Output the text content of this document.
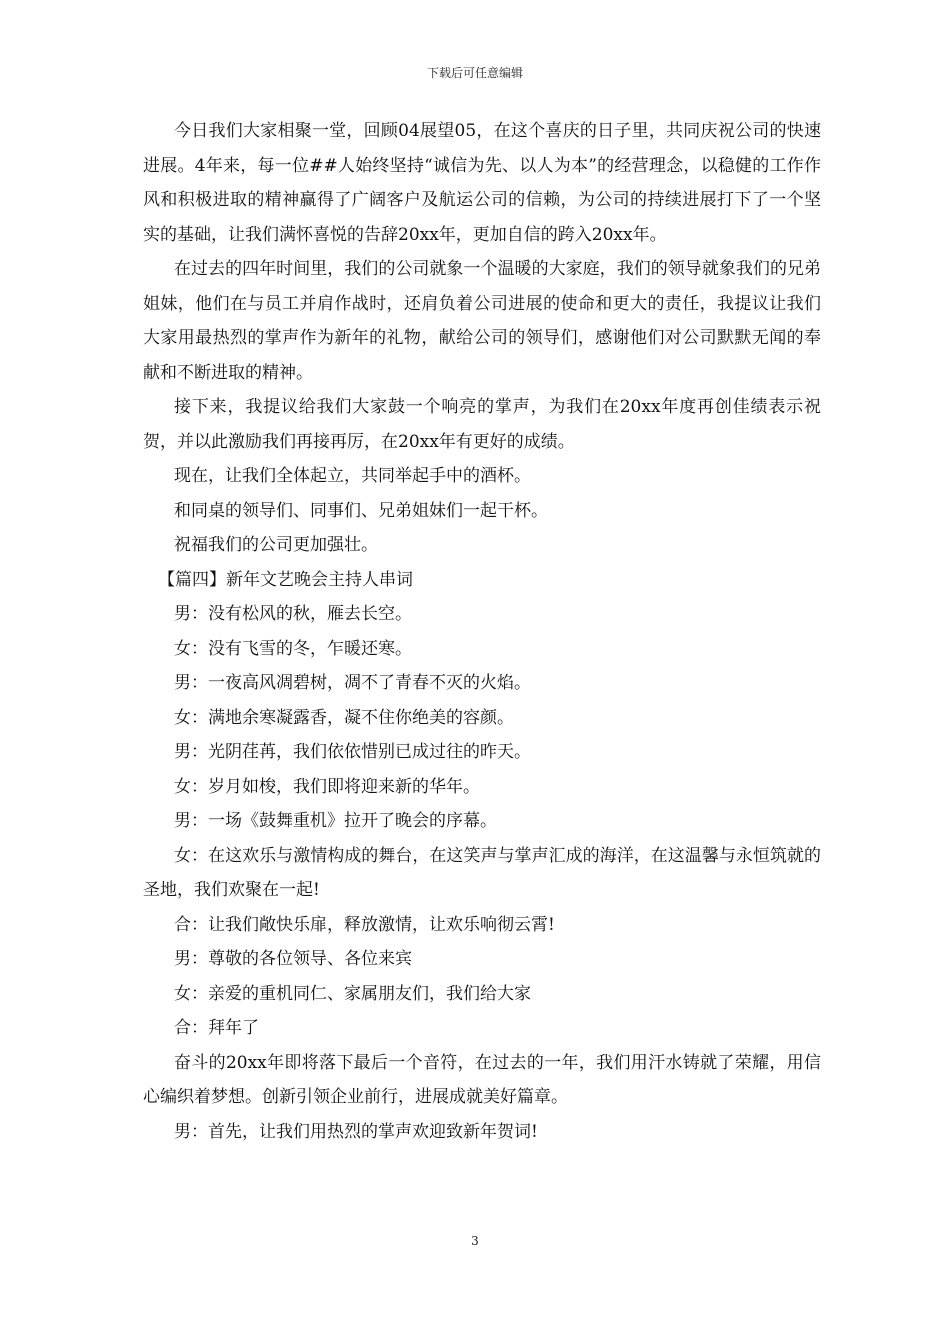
下载后可任意编辑

今日我们大家相聚一堂，回顾04展望05，在这个喜庆的日子里，共同庆祝公司的快速进展。4年来，每一位##人始终坚持“诚信为先、以人为本”的经营理念，以稳健的工作作风和积极进取的精神赢得了广阔客户及航运公司的信赖，为公司的持续进展打下了一个坚实的基础，让我们满怀喜悦的告辞20xx年，更加自信的跨入20xx年。

在过去的四年时间里，我们的公司就象一个温暖的大家庭，我们的领导就象我们的兄弟姐妹，他们在与员工并肩作战时，还肩负着公司进展的使命和更大的责任，我提议让我们大家用最热烈的掌声作为新年的礼物，献给公司的领导们，感谢他们对公司默默无闻的奉献和不断进取的精神。

接下来，我提议给我们大家鼓一个响亮的掌声，为我们在20xx年度再创佳绩表示祝贺，并以此激励我们再接再厉，在20xx年有更好的成绩。

现在，让我们全体起立，共同举起手中的酒杯。

和同桌的领导们、同事们、兄弟姐妹们一起干杯。

祝福我们的公司更加强壮。

【篇四】新年文艺晚会主持人串词

男：没有松风的秋，雁去长空。

女：没有飞雪的冬，乍暖还寒。

男：一夜高风凋碧树，凋不了青春不灭的火焰。

女：满地余寒凝露香，凝不住你绝美的容颜。

男：光阴荏苒，我们依依惜别已成过往的昨天。

女：岁月如梭，我们即将迎来新的华年。

男：一场《鼓舞重机》拉开了晚会的序幕。

女：在这欢乐与激情构成的舞台，在这笑声与掌声汇成的海洋，在这温馨与永恒筑就的圣地，我们欢聚在一起!

合：让我们敞快乐扉，释放激情，让欢乐响彻云霄!

男：尊敬的各位领导、各位来宾

女：亲爱的重机同仁、家属朋友们，我们给大家

合：拜年了

奋斗的20xx年即将落下最后一个音符，在过去的一年，我们用汗水铸就了荣耀，用信心编织着梦想。创新引领企业前行，进展成就美好篇章。

男：首先，让我们用热烈的掌声欢迎致新年贺词!

3
